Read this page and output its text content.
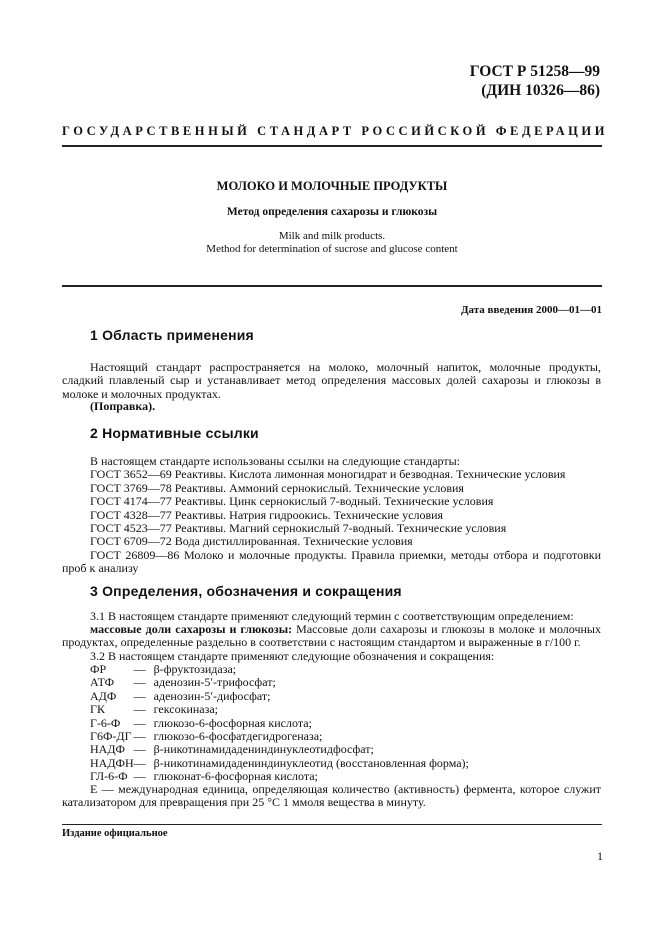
ГОСТ Р 51258—99
(ДИН 10326—86)
ГОСУДАРСТВЕННЫЙ СТАНДАРТ РОССИЙСКОЙ ФЕДЕРАЦИИ
МОЛОКО И МОЛОЧНЫЕ ПРОДУКТЫ
Метод определения сахарозы и глюкозы
Milk and milk products.
Method for determination of sucrose and glucose content
Дата введения 2000—01—01
1 Область применения
Настоящий стандарт распространяется на молоко, молочный напиток, молочные продукты, сладкий плавленый сыр и устанавливает метод определения массовых долей сахарозы и глюкозы в молоке и молочных продуктах.
(Поправка).
2 Нормативные ссылки
В настоящем стандарте использованы ссылки на следующие стандарты:
ГОСТ 3652—69 Реактивы. Кислота лимонная моногидрат и безводная. Технические условия
ГОСТ 3769—78 Реактивы. Аммоний сернокислый. Технические условия
ГОСТ 4174—77 Реактивы. Цинк сернокислый 7-водный. Технические условия
ГОСТ 4328—77 Реактивы. Натрия гидроокись. Технические условия
ГОСТ 4523—77 Реактивы. Магний сернокислый 7-водный. Технические условия
ГОСТ 6709—72 Вода дистиллированная. Технические условия
ГОСТ 26809—86 Молоко и молочные продукты. Правила приемки, методы отбора и подготовки проб к анализу
3 Определения, обозначения и сокращения
3.1 В настоящем стандарте применяют следующий термин с соответствующим определением:
массовые доли сахарозы и глюкозы: Массовые доли сахарозы и глюкозы в молоке и молочных продуктах, определенные раздельно в соответствии с настоящим стандартом и выраженные в г/100 г.
3.2 В настоящем стандарте применяют следующие обозначения и сокращения:
ФР	—	β-фруктозидаза;
АТФ	—	аденозин-5ʹ-трифосфат;
АДФ	—	аденозин-5ʹ-дифосфат;
ГК	—	гексокиназа;
Г-6-Ф	—	глюкозо-6-фосфорная кислота;
Г6Ф-ДГ	—	глюкозо-6-фосфатдегидрогеназа;
НАДФ	—	β-никотинамидадениндинуклеотидфосфат;
НАДФН	—	β-никотинамидадениндинуклеотид (восстановленная форма);
ГЛ-6-Ф	—	глюконат-6-фосфорная кислота;
Е — международная единица, определяющая количество (активность) фермента, которое служит катализатором для превращения при 25 °С 1 ммоля вещества в минуту.
Издание официальное
1
